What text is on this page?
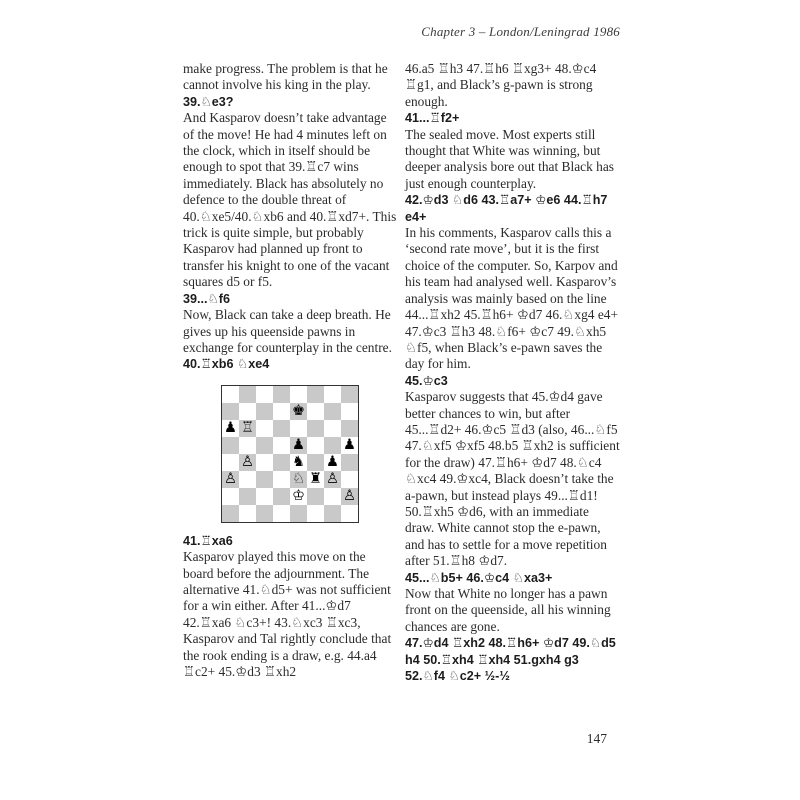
Chapter 3 – London/Leningrad 1986
make progress. The problem is that he cannot involve his king in the play.
39.♘e3?
And Kasparov doesn’t take advantage of the move! He had 4 minutes left on the clock, which in itself should be enough to spot that 39.♖c7 wins immediately. Black has absolutely no defence to the double threat of 40.♘xe5/40.♘xb6 and 40.♖xd7+. This trick is quite simple, but probably Kasparov had planned up front to transfer his knight to one of the vacant squares d5 or f5.
39...♘f6
Now, Black can take a deep breath. He gives up his queenside pawns in exchange for counterplay in the centre.
40.♖xb6 ♘xe4
♚
♟ ♖
♟	♟
♙	♞ ♟
♙	♘ ♜ ♙
♔	♙
41.♖xa6
Kasparov played this move on the board before the adjournment. The alternative 41.♘d5+ was not sufficient for a win either. After 41...♔d7 42.♖xa6 ♘c3+! 43.♘xc3 ♖xc3, Kasparov and Tal rightly conclude that the rook ending is a draw, e.g. 44.a4 ♖c2+ 45.♔d3 ♖xh2
46.a5 ♖h3 47.♖h6 ♖xg3+ 48.♔c4 ♖g1, and Black’s g-pawn is strong enough.
41...♖f2+
The sealed move. Most experts still thought that White was winning, but deeper analysis bore out that Black has just enough counterplay.
42.♔d3 ♘d6 43.♖a7+ ♔e6 44.♖h7 e4+
In his comments, Kasparov calls this a ‘second rate move’, but it is the first choice of the computer. So, Karpov and his team had analysed well. Kasparov’s analysis was mainly based on the line 44...♖xh2 45.♖h6+ ♔d7 46.♘xg4 e4+ 47.♔c3 ♖h3 48.♘f6+ ♔c7 49.♘xh5 ♘f5, when Black’s e-pawn saves the day for him.
45.♔c3
Kasparov suggests that 45.♔d4 gave better chances to win, but after 45...♖d2+ 46.♔c5 ♖d3 (also, 46...♘f5 47.♘xf5 ♔xf5 48.b5 ♖xh2 is sufficient for the draw) 47.♖h6+ ♔d7 48.♘c4 ♘xc4 49.♔xc4, Black doesn’t take the a-pawn, but instead plays 49...♖d1! 50.♖xh5 ♔d6, with an immediate draw. White cannot stop the e-pawn, and has to settle for a move repetition after 51.♖h8 ♔d7.
45...♘b5+ 46.♔c4 ♘xa3+
Now that White no longer has a pawn front on the queenside, all his winning chances are gone.
47.♔d4 ♖xh2 48.♖h6+ ♔d7 49.♘d5 h4 50.♖xh4 ♖xh4 51.gxh4 g3 52.♘f4 ♘c2+ ½-½
147
